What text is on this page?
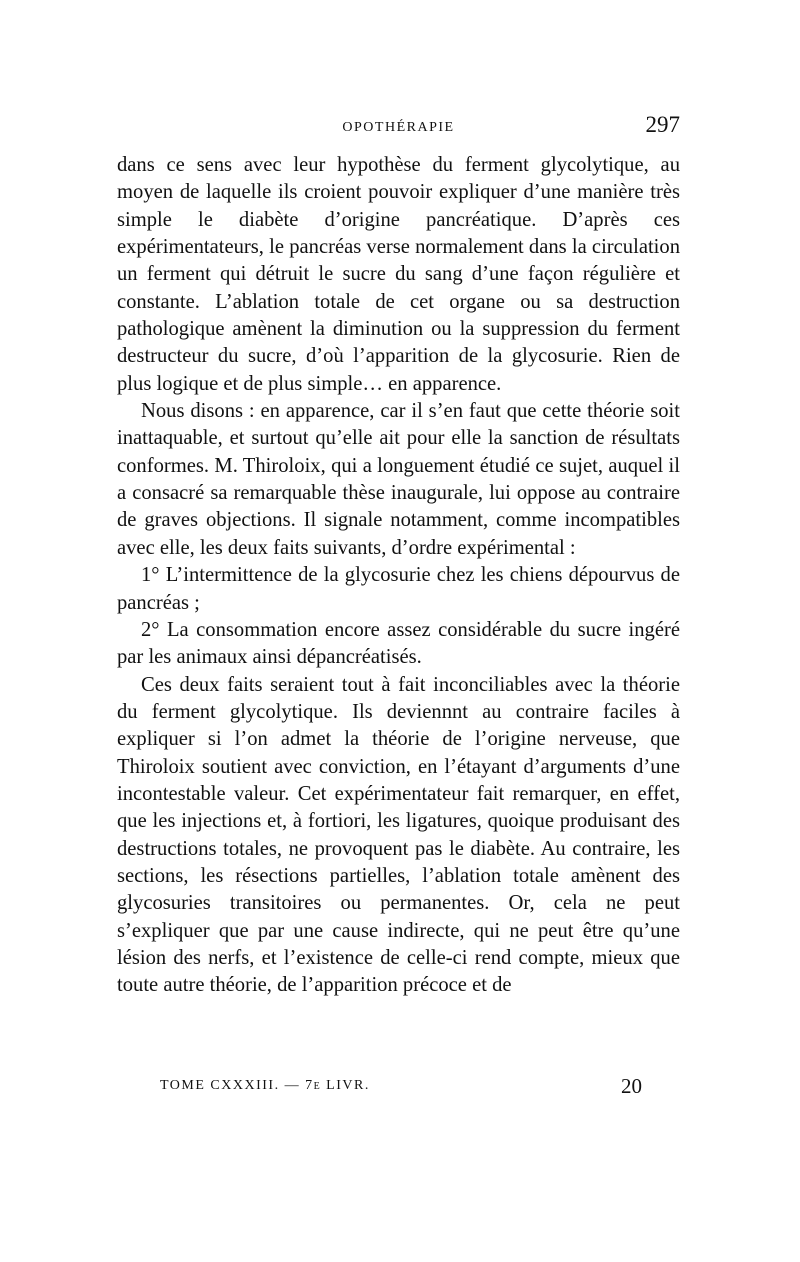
OPOTHÉRAPIE	297

dans ce sens avec leur hypothèse du ferment glycolytique, au moyen de laquelle ils croient pouvoir expliquer d’une manière très simple le diabète d’origine pancréatique. D’après ces expérimentateurs, le pancréas verse normalement dans la circulation un ferment qui détruit le sucre du sang d’une façon régulière et constante. L’ablation totale de cet organe ou sa destruction pathologique amènent la diminution ou la suppression du ferment destructeur du sucre, d’où l’apparition de la glycosurie. Rien de plus logique et de plus simple… en apparence.

Nous disons : en apparence, car il s’en faut que cette théorie soit inattaquable, et surtout qu’elle ait pour elle la sanction de résultats conformes. M. Thiroloix, qui a longuement étudié ce sujet, auquel il a consacré sa remarquable thèse inaugurale, lui oppose au contraire de graves objections. Il signale notamment, comme incompatibles avec elle, les deux faits suivants, d’ordre expérimental :

1° L’intermittence de la glycosurie chez les chiens dépourvus de pancréas ;

2° La consommation encore assez considérable du sucre ingéré par les animaux ainsi dépancréatisés.

Ces deux faits seraient tout à fait inconciliables avec la théorie du ferment glycolytique. Ils deviennnt au contraire faciles à expliquer si l’on admet la théorie de l’origine nerveuse, que Thiroloix soutient avec conviction, en l’étayant d’arguments d’une incontestable valeur. Cet expérimentateur fait remarquer, en effet, que les injections et, à fortiori, les ligatures, quoique produisant des destructions totales, ne provoquent pas le diabète. Au contraire, les sections, les résections partielles, l’ablation totale amènent des glycosuries transitoires ou permanentes. Or, cela ne peut s’expliquer que par une cause indirecte, qui ne peut être qu’une lésion des nerfs, et l’existence de celle-ci rend compte, mieux que toute autre théorie, de l’apparition précoce et de

TOME CXXXIII. — 7e LIVR.	20
